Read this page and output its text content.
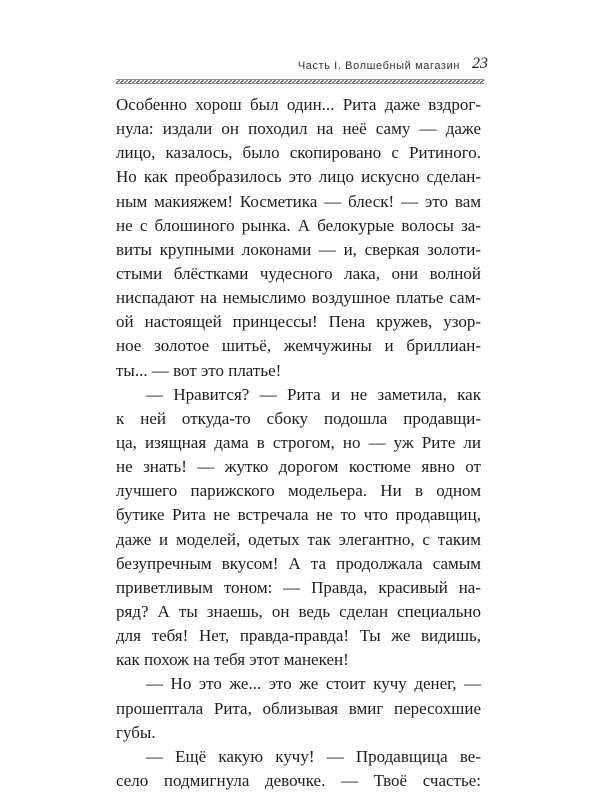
Часть I. Волшебный магазин 23
Особенно хорош был один... Рита даже вздрог-
нула: издали он походил на неё саму — даже
лицо, казалось, было скопировано с Ритиного.
Но как преобразилось это лицо искусно сделан-
ным макияжем! Косметика — блеск! — это вам
не с блошиного рынка. А белокурые волосы за-
виты крупными локонами — и, сверкая золоти-
стыми блёстками чудесного лака, они волной
ниспадают на немыслимо воздушное платье сам-
ой настоящей принцессы! Пена кружев, узор-
ное золотое шитьё, жемчужины и бриллиан-
ты... — вот это платье!
— Нравится? — Рита и не заметила, как
к ней откуда-то сбоку подошла продавщи-
ца, изящная дама в строгом, но — уж Рите ли
не знать! — жутко дорогом костюме явно от
лучшего парижского модельера. Ни в одном
бутике Рита не встречала не то что продавщиц,
даже и моделей, одетых так элегантно, с таким
безупречным вкусом! А та продолжала самым
приветливым тоном: — Правда, красивый на-
ряд? А ты знаешь, он ведь сделан специально
для тебя! Нет, правда-правда! Ты же видишь,
как похож на тебя этот манекен!
— Но это же... это же стоит кучу денег, —
прошептала Рита, облизывая вмиг пересохшие
губы.
— Ещё какую кучу! — Продавщица ве-
село подмигнула девочке. — Твоё счастье:
